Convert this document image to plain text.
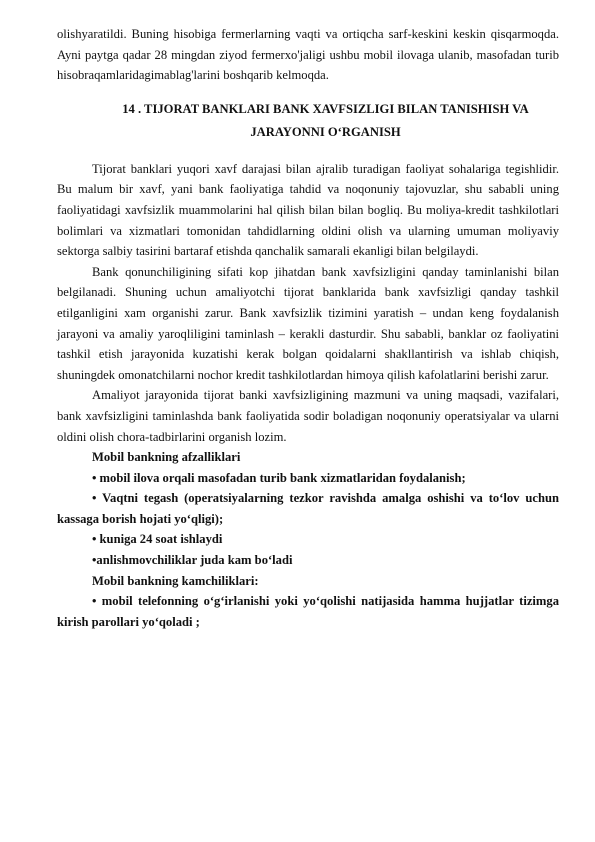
olishyaratildi. Buning hisobiga fermerlarning vaqti va ortiqcha sarf-keskini keskin qisqarmoqda. Ayni paytga qadar 28 mingdan ziyod fermerxo'jaligi ushbu mobil ilovaga ulanib, masofadan turib hisobraqamlaridagimablag'larini boshqarib kelmoqda.

14 . TIJORAT BANKLARI BANK XAVFSIZLIGI BILAN TANISHISH VA JARAYONNI O‘RGANISH

Tijorat banklari yuqori xavf darajasi bilan ajralib turadigan faoliyat sohalariga tegishlidir. Bu malum bir xavf, yani bank faoliyatiga tahdid va noqonuniy tajovuzlar, shu sababli uning faoliyatidagi xavfsizlik muammolarini hal qilish bilan bilan bogliq. Bu moliya-kredit tashkilotlari bolimlari va xizmatlari tomonidan tahdidlarning oldini olish va ularning umuman moliyaviy sektorga salbiy tasirini bartaraf etishda qanchalik samarali ekanligi bilan belgilaydi.

Bank qonunchiligining sifati kop jihatdan bank xavfsizligini qanday taminlanishi bilan belgilanadi. Shuning uchun amaliyotchi tijorat banklarida bank xavfsizligi qanday tashkil etilganligini xam organishi zarur. Bank xavfsizlik tizimini yaratish – undan keng foydalanish jarayoni va amaliy yaroqliligini taminlash – kerakli dasturdir. Shu sababli, banklar oz faoliyatini tashkil etish jarayonida kuzatishi kerak bolgan qoidalarni shakllantirish va ishlab chiqish, shuningdek omonatchilarni nochor kredit tashkilotlardan himoya qilish kafolatlarini berishi zarur.

Amaliyot jarayonida tijorat banki xavfsizligining mazmuni va uning maqsadi, vazifalari, bank xavfsizligini taminlashda bank faoliyatida sodir boladigan noqonuniy operatsiyalar va ularni oldini olish chora-tadbirlarini organish lozim.

Mobil bankning afzalliklari

• mobil ilova orqali masofadan turib bank xizmatlaridan foydalanish;

• Vaqtni tegash (operatsiyalarning tezkor ravishda amalga oshishi va to‘lov uchun kassaga borish hojati yo‘qligi);

• kuniga 24 soat ishlaydi

•anlishmovchiliklar juda kam bo‘ladi

Mobil bankning kamchiliklari:

• mobil telefonning o‘g‘irlanishi yoki yo‘qolishi natijasida hamma hujjatlar tizimga kirish parollari yo‘qoladi ;
